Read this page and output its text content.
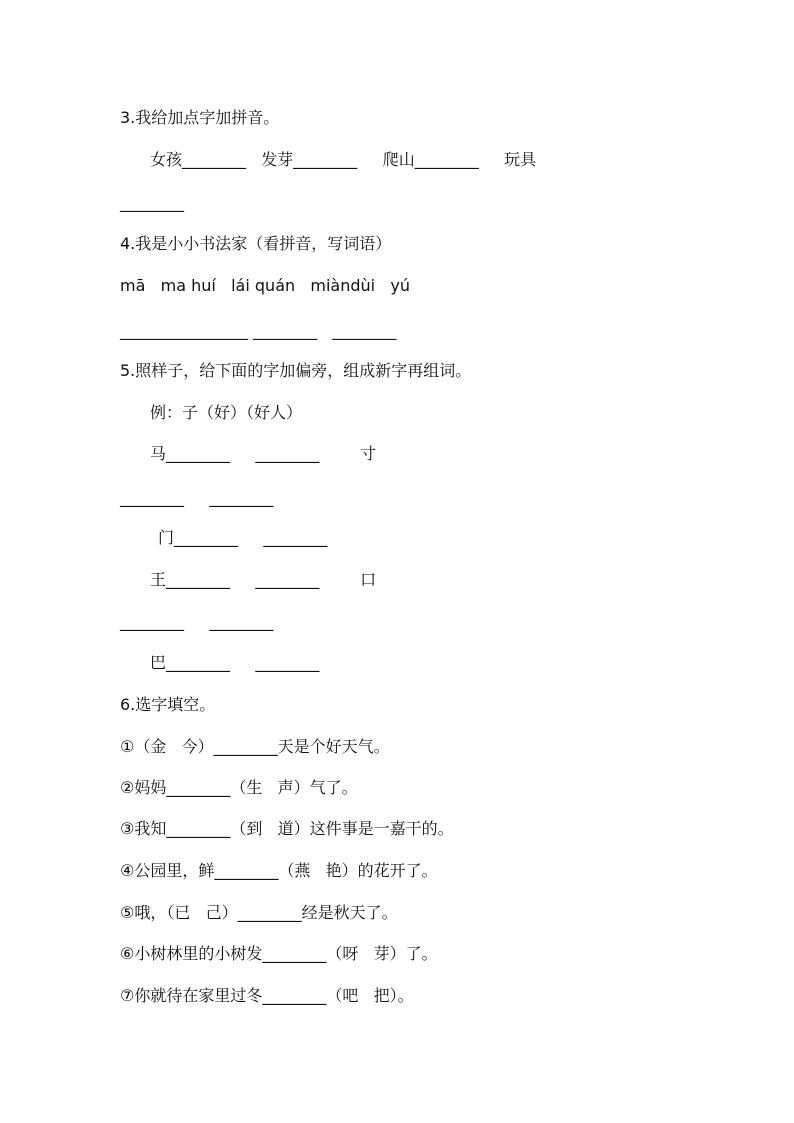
3.我给加点字加拼音。
女孩________   发芽________     爬山________     玩具
________
4.我是小小书法家（看拼音，写词语）
mā   ma huí   lái quán   miàndùi   yú
________________ ________   ________
5.照样子，给下面的字加偏旁，组成新字再组词。
例：子（好）（好人）
马________     ________        寸
________     ________
门________     ________
王________     ________        口
________     ________
巴________     ________
6.选字填空。
①（金   今）________天是个好天气。
②妈妈________（生   声）气了。
③我知________（到   道）这件事是一嘉干的。
④公园里，鲜________（燕   艳）的花开了。
⑤哦，（已   己）________经是秋天了。
⑥小树林里的小树发________（呀   芽）了。
⑦你就待在家里过冬________（吧   把）。
